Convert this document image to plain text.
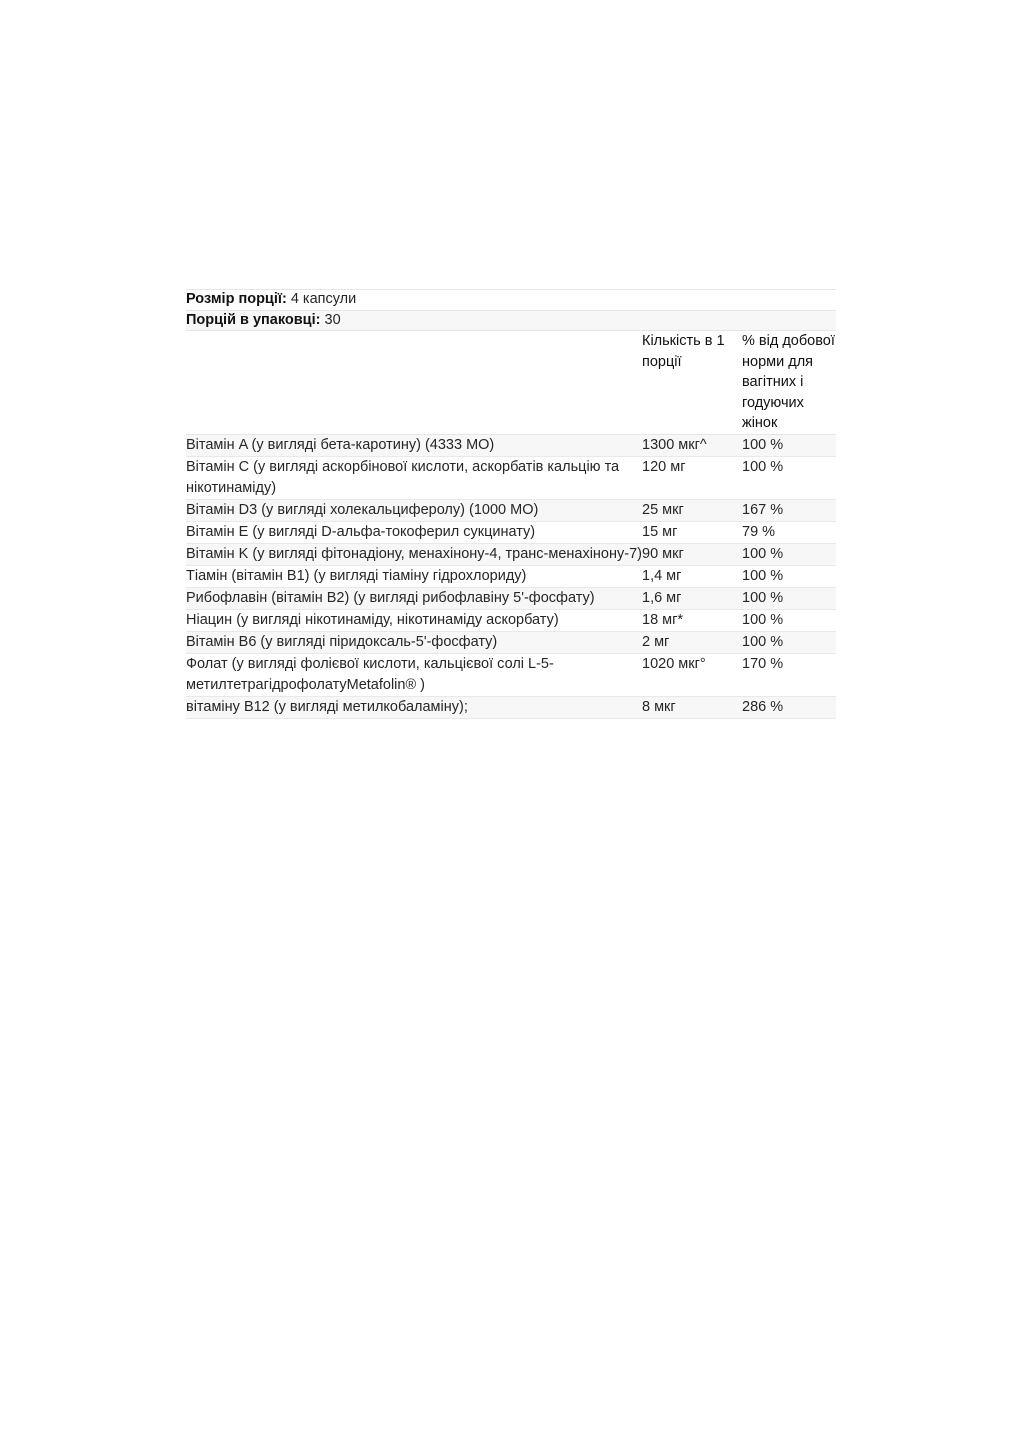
Розмір порції: 4 капсули		
Порцій в упаковці: 30		
	Кількість в 1 порції	% від добової норми для вагітних і годуючих жінок
Вітамін A (у вигляді бета-каротину) (4333 МО)	1300 мкг^	100 %
Вітамін C (у вигляді аскорбінової кислоти, аскорбатів кальцію та нікотинаміду)	120 мг	100 %
Вітамін D3 (у вигляді холекальциферолу) (1000 МО)	25 мкг	167 %
Вітамін E (у вигляді D-альфа-токоферил сукцинату)	15 мг	79 %
Вітамін K (у вигляді фітонадіону, менахінону-4, транс-менахінону-7)	90 мкг	100 %
Тіамін (вітамін B1) (у вигляді тіаміну гідрохлориду)	1,4 мг	100 %
Рибофлавін (вітамін B2) (у вигляді рибофлавіну 5'-фосфату)	1,6 мг	100 %
Ніацин (у вигляді нікотинаміду, нікотинаміду аскорбату)	18 мг*	100 %
Вітамін B6 (у вигляді піридоксаль-5'-фосфату)	2 мг	100 %
Фолат (у вигляді фолієвої кислоти, кальцієвої солі L-5-метилтетрагідрофолатуMetafolin® )	1020 мкг°	170 %
вітаміну B12 (у вигляді метилкобаламіну);	8 мкг	286 %
